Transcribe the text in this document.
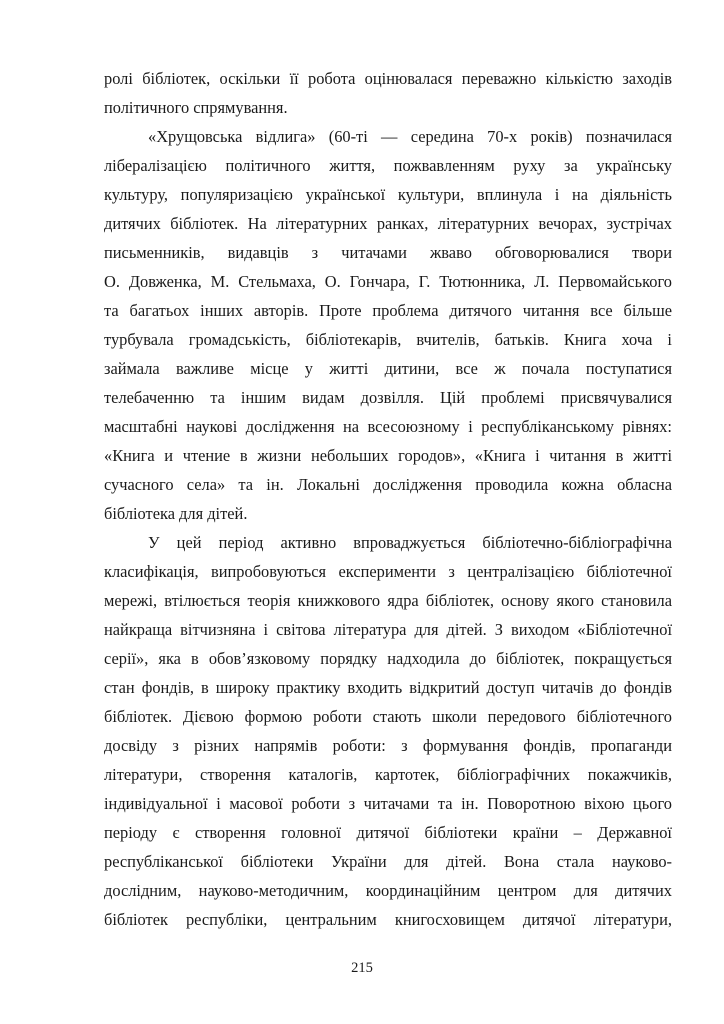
ролі бібліотек, оскільки її робота оцінювалася переважно кількістю заходів
політичного спрямування.
«Хрущовська відлига» (60-ті — середина 70-х років) позначилася
лібералізацією політичного життя, пожвавленням руху за українську
культуру, популяризацією української культури, вплинула і на діяльність
дитячих бібліотек. На літературних ранках, літературних вечорах, зустрічах
письменників, видавців з читачами жваво обговорювалися твори
О. Довженка, М. Стельмаха, О. Гончара, Г. Тютюнника, Л. Первомайського
та багатьох інших авторів. Проте проблема дитячого читання все більше
турбувала громадськість, бібліотекарів, вчителів, батьків. Книга хоча і
займала важливе місце у житті дитини, все ж почала поступатися
телебаченню та іншим видам дозвілля. Цій проблемі присвячувалися
масштабні наукові дослідження на всесоюзному і республіканському рівнях:
«Книга и чтение в жизни небольших городов», «Книга і читання в житті
сучасного села» та ін. Локальні дослідження проводила кожна обласна
бібліотека для дітей.
У цей період активно впроваджується бібліотечно-бібліографічна
класифікація, випробовуються експерименти з централізацією бібліотечної
мережі, втілюється теорія книжкового ядра бібліотек, основу якого становила
найкраща вітчизняна і світова література для дітей. З виходом «Бібліотечної
серії», яка в обов’язковому порядку надходила до бібліотек, покращується
стан фондів, в широку практику входить відкритий доступ читачів до фондів
бібліотек. Дієвою формою роботи стають школи передового бібліотечного
досвіду з різних напрямів роботи: з формування фондів, пропаганди
літератури, створення каталогів, картотек, бібліографічних покажчиків,
індивідуальної і масової роботи з читачами та ін. Поворотною віхою цього
періоду є створення головної дитячої бібліотеки країни – Державної
республіканської бібліотеки України для дітей. Вона стала науково-
дослідним, науково-методичним, координаційним центром для дитячих
бібліотек республіки, центральним книгосховищем дитячої літератури,
215
